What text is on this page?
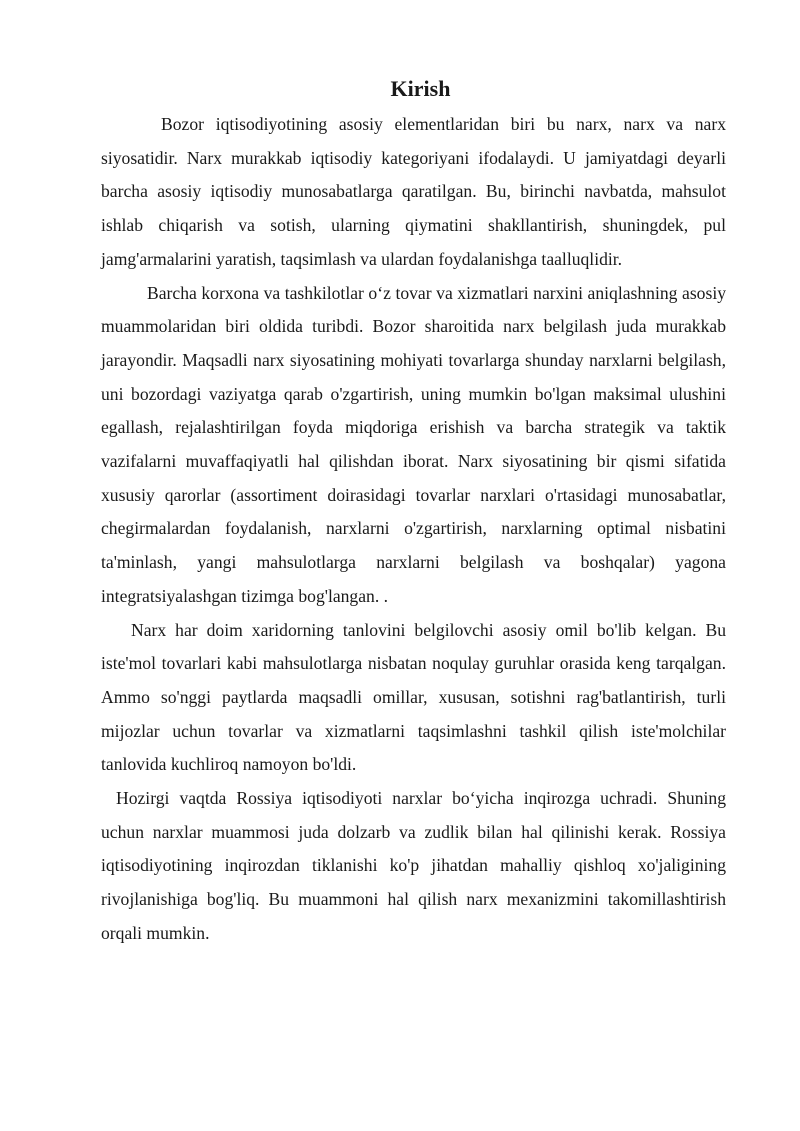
Kirish

Bozor iqtisodiyotining asosiy elementlaridan biri bu narx, narx va narx siyosatidir. Narx murakkab iqtisodiy kategoriyani ifodalaydi. U jamiyatdagi deyarli barcha asosiy iqtisodiy munosabatlarga qaratilgan. Bu, birinchi navbatda, mahsulot ishlab chiqarish va sotish, ularning qiymatini shakllantirish, shuningdek, pul jamg'armalarini yaratish, taqsimlash va ulardan foydalanishga taalluqlidir.

Barcha korxona va tashkilotlar o‘z tovar va xizmatlari narxini aniqlashning asosiy muammolaridan biri oldida turibdi. Bozor sharoitida narx belgilash juda murakkab jarayondir. Maqsadli narx siyosatining mohiyati tovarlarga shunday narxlarni belgilash, uni bozordagi vaziyatga qarab o'zgartirish, uning mumkin bo'lgan maksimal ulushini egallash, rejalashtirilgan foyda miqdoriga erishish va barcha strategik va taktik vazifalarni muvaffaqiyatli hal qilishdan iborat. Narx siyosatining bir qismi sifatida xususiy qarorlar (assortiment doirasidagi tovarlar narxlari o'rtasidagi munosabatlar, chegirmalardan foydalanish, narxlarni o'zgartirish, narxlarning optimal nisbatini ta'minlash, yangi mahsulotlarga narxlarni belgilash va boshqalar) yagona integratsiyalashgan tizimga bog'langan. .

Narx har doim xaridorning tanlovini belgilovchi asosiy omil bo'lib kelgan. Bu iste'mol tovarlari kabi mahsulotlarga nisbatan noqulay guruhlar orasida keng tarqalgan. Ammo so'nggi paytlarda maqsadli omillar, xususan, sotishni rag'batlantirish, turli mijozlar uchun tovarlar va xizmatlarni taqsimlashni tashkil qilish iste'molchilar tanlovida kuchliroq namoyon bo'ldi.

Hozirgi vaqtda Rossiya iqtisodiyoti narxlar bo‘yicha inqirozga uchradi. Shuning uchun narxlar muammosi juda dolzarb va zudlik bilan hal qilinishi kerak. Rossiya iqtisodiyotining inqirozdan tiklanishi ko'p jihatdan mahalliy qishloq xo'jaligining rivojlanishiga bog'liq. Bu muammoni hal qilish narx mexanizmini takomillashtirish orqali mumkin.
